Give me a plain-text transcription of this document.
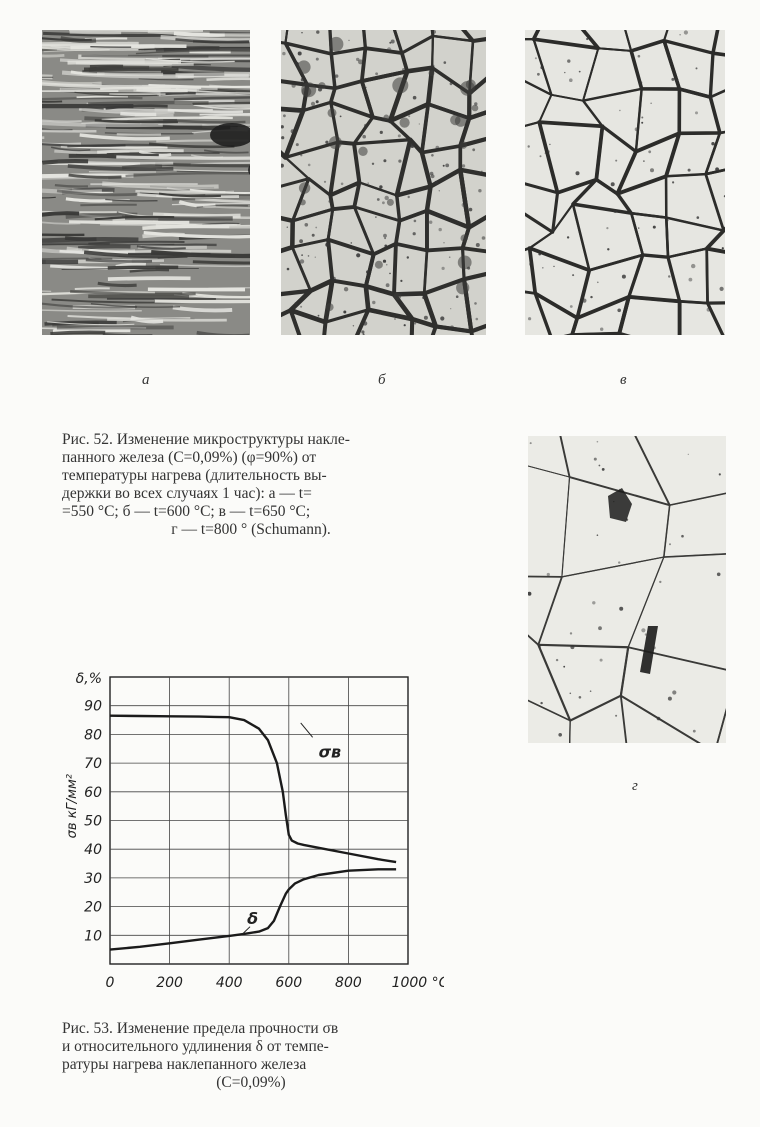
а	б	в
г
Рис. 52. Изменение микроструктуры накле-
панного железа (C=0,09%) (φ=90%) от
температуры нагрева (длительность вы-
держки во всех случаях 1 час): а — t=
=550 °C; б — t=600 °C; в — t=650 °C;
г — t=800 ° (Schumann).
10
20
30
40
50
60
70
80
90
0	200 400 600 800 1000 °C
δ,%
σв кГ/мм²
σв
δ
Рис. 53. Изменение предела прочности σв
и относительного удлинения δ от темпе-
ратуры нагрева наклепанного железа
(C=0,09%)
